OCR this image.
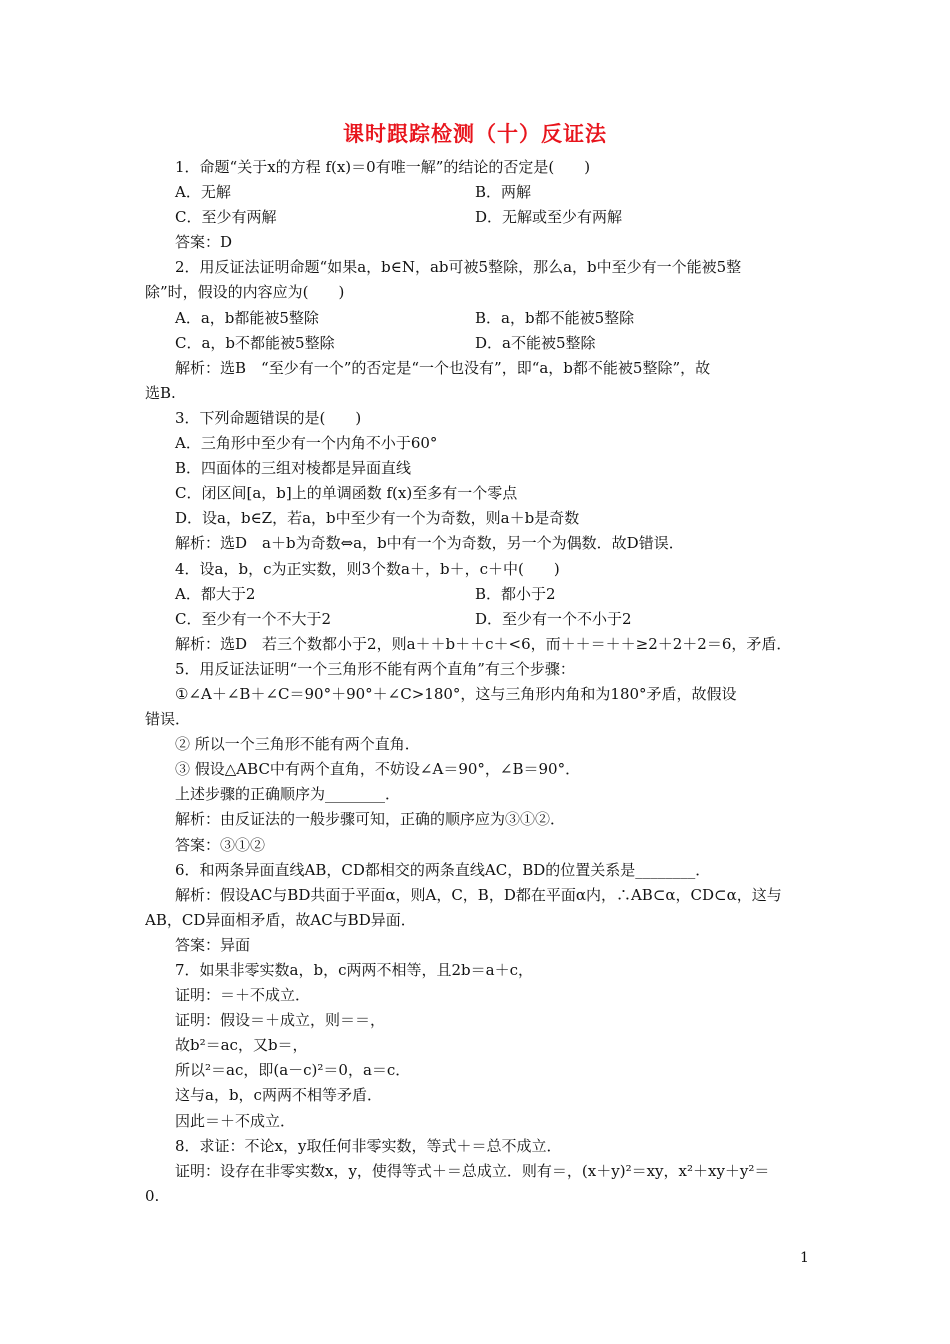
课时跟踪检测（十）反证法
1．命题“关于x的方程 f(x)＝0有唯一解”的结论的否定是(　　)
A．无解	B．两解
C．至少有两解	D．无解或至少有两解
答案：D
2．用反证法证明命题“如果a，b∈N，ab可被5整除，那么a，b中至少有一个能被5整
除”时，假设的内容应为(　　)
A．a，b都能被5整除	B．a，b都不能被5整除
C．a，b不都能被5整除	D．a不能被5整除
解析：选B　“至少有一个”的否定是“一个也没有”，即“a，b都不能被5整除”，故
选B.
3．下列命题错误的是(　　)
A．三角形中至少有一个内角不小于60°
B．四面体的三组对棱都是异面直线
C．闭区间[a，b]上的单调函数 f(x)至多有一个零点
D．设a，b∈Z，若a，b中至少有一个为奇数，则a＋b是奇数
解析：选D　a＋b为奇数⇔a，b中有一个为奇数，另一个为偶数．故D错误．
4．设a，b，c为正实数，则3个数a＋，b＋，c＋中(　　)
A．都大于2	B．都小于2
C．至少有一个不大于2	D．至少有一个不小于2
解析：选D　若三个数都小于2，则a＋＋b＋＋c＋<6，而＋＋＝＋＋≥2＋2＋2＝6，矛盾．
5．用反证法证明“一个三角形不能有两个直角”有三个步骤：
①∠A＋∠B＋∠C＝90°＋90°＋∠C>180°，这与三角形内角和为180°矛盾，故假设
错误．
② 所以一个三角形不能有两个直角．
③ 假设△ABC中有两个直角，不妨设∠A＝90°，∠B＝90°．
上述步骤的正确顺序为________．
解析：由反证法的一般步骤可知，正确的顺序应为③①②．
答案：③①②
6．和两条异面直线AB，CD都相交的两条直线AC，BD的位置关系是________．
解析：假设AC与BD共面于平面α，则A，C，B，D都在平面α内，∴AB⊂α，CD⊂α，这与
AB，CD异面相矛盾，故AC与BD异面．
答案：异面
7．如果非零实数a，b，c两两不相等，且2b＝a＋c，
证明：＝＋不成立．
证明：假设＝＋成立，则＝＝，
故b²＝ac，又b＝，
所以²＝ac，即(a－c)²＝0，a＝c．
这与a，b，c两两不相等矛盾．
因此＝＋不成立．
8．求证：不论x，y取任何非零实数，等式＋＝总不成立．
证明：设存在非零实数x，y，使得等式＋＝总成立．则有＝，(x＋y)²＝xy，x²＋xy＋y²＝
0.
1
